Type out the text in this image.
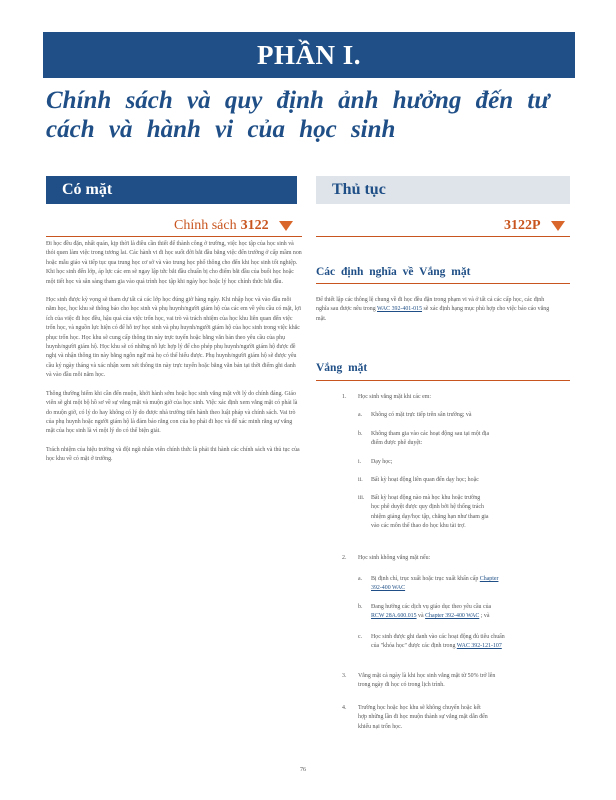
PHẦN I.
Chính sách và quy định ảnh hưởng đến tư cách và hành vi của học sinh
Có mặt
Chính sách 3122

Đi học đều đặn, nhất quán, kịp thời là điều cần thiết để thành công ở trường, việc học tập của học sinh và thói quen làm việc trong tương lai. Các hành vi đi học suốt đời bắt đầu bằng việc đến trường ở cấp mầm non hoặc mẫu giáo và tiếp tục qua trung học cơ sở và vào trung học phổ thông cho đến khi học sinh tốt nghiệp. Khi học sinh đến lớp, áp lực các em sẽ ngay lập tức bắt đầu chuẩn bị cho điểm bắt đầu của buổi học hoặc một tiết học và sẵn sàng tham gia vào quá trình học tập khi ngày học hoặc lý học chính thức bắt đầu.

Học sinh được kỳ vọng sẽ tham dự tất cả các lớp học đúng giờ hàng ngày. Khi nhập học và vào đầu mỗi năm học, học khu sẽ thông báo cho học sinh và phụ huynh/người giám hộ của các em về yêu cầu có mặt, lợi ích của việc đi học đều, hậu quả của việc trốn học, vai trò và trách nhiệm của học khu liên quan đến việc trốn học, và nguồn lực hiện có để hỗ trợ học sinh và phụ huynh/người giám hộ của học sinh trong việc khắc phục trốn học. Học khu sẽ cung cấp thông tin này trực tuyến hoặc bằng văn bản theo yêu cầu của phụ huynh/người giám hộ. Học khu sẽ có những nỗ lực hợp lý để cho phép phụ huynh/người giám hộ được đề nghị và nhận thông tin này bằng ngôn ngữ mà họ có thể hiểu được. Phụ huynh/người giám hộ sẽ được yêu cầu ký ngày tháng và xác nhận xem xét thông tin này trực tuyến hoặc bằng văn bản tại thời điểm ghi danh và vào đầu mỗi năm học.

Thông thường hiếm khi cần đến muộn, khởi hành sớm hoặc học sinh vắng mặt với lý do chính đáng. Giáo viên sẽ ghi một bộ hồ sơ về sự vắng mặt và muộn giờ của học sinh. Việc xác định xem vắng mặt có phải là do muộn giờ, có lý do hay không có lý do được nhà trường tiến hành theo luật pháp và chính sách. Vai trò của phụ huynh hoặc người giám hộ là đảm bảo rằng con của họ phải đi học và để xác minh rằng sự vắng mặt của học sinh là vì một lý do có thể biện giải.

Trách nhiệm của hiệu trưởng và đội ngũ nhân viên chính thức là phải thi hành các chính sách và thủ tục của học khu về có mặt ở trường.

Thủ tục
3122P
Các định nghĩa về Vắng mặt
Để thiết lập các thông lệ chung về đi học đều đặn trong phạm vi và ở tất cả các cấp học, các định nghĩa sau được nêu trong WAC 392-401-015 sẽ xác định hạng mục phù hợp cho việc báo cáo vắng mặt.
Vắng mặt
1. Học sinh vắng mặt khi các em:
a. Không có mặt trực tiếp trên sân trường; và
b. Không tham gia vào các hoạt động sau tại một địa điểm được phê duyệt:
i. Dạy học;
ii. Bất kỳ hoạt động liên quan đến dạy học; hoặc
iii. Bất kỳ hoạt động nào mà học khu hoặc trường học phê duyệt được quy định bởi hệ thống trách nhiệm giảng dạy/học tập, chẳng hạn như tham gia vào các môn thể thao do học khu tài trợ.
2. Học sinh không vắng mặt nếu:
a. Bị định chỉ, trục xuất hoặc trục xuất khẩn cấp Chapter 392-400 WAC
b. Đang hưởng các dịch vụ giáo dục theo yêu cầu của
RCW 28A.600.015 và Chapter 392-400 WAC ; và
c. Học sinh được ghi danh vào các hoạt động đủ tiêu chuẩn của "khóa học" được các định trong WAC 392-121-107
3. Vắng mặt cả ngày là khi học sinh vắng mặt từ 50% trở lên trong ngày đi học có trong lịch trình.
4. Trường học hoặc học khu sẽ không chuyển hoặc kết hợp những lần đi học muộn thành sự vắng mặt dẫn đến khiếu nại trốn học.
76
